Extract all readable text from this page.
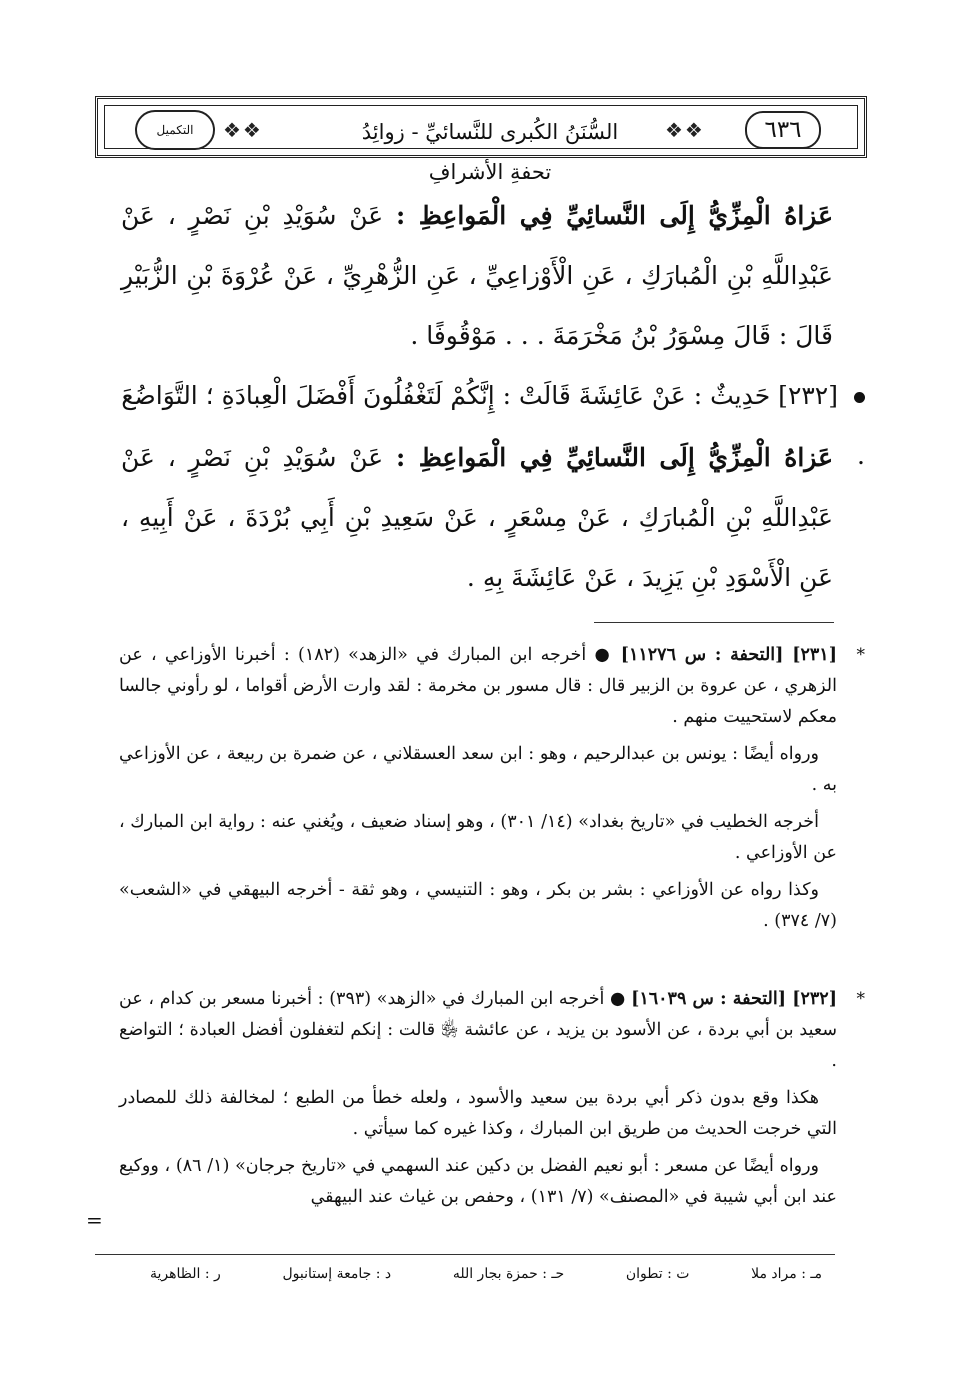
التكميل	❖❖	السُّنَنُ الكُبرى للنَّسائيِّ - زوائِدُ تحفةِ الأشرافِ
❖❖	٦٣٦
عَزاهُ الْمِزِّيُّ إِلَى النَّسائِيِّ فِي الْمَواعِظِ : عَنْ سُوَيْدِ بْنِ نَصْرٍ ، عَنْ عَبْدِاللَّهِ بْنِ الْمُبارَكِ ، عَنِ الْأَوْزاعِيِّ ، عَنِ الزُّهْرِيِّ ، عَنْ عُرْوَةَ بْنِ الزُّبَيْرِ قَالَ : قَالَ مِسْوَرُ بْنُ مَخْرَمَةَ . . . مَوْقُوفًا .
[٢٣٢] حَدِيثٌ : عَنْ عَائِشَةَ قَالَتْ : إِنَّكُمْ لَتَغْفُلُونَ أَفْضَلَ الْعِبادَةِ ؛ التَّوَاضُعَ .
عَزاهُ الْمِزِّيُّ إِلَى النَّسائِيِّ فِي الْمَواعِظِ : عَنْ سُوَيْدِ بْنِ نَصْرٍ ، عَنْ عَبْدِاللَّهِ بْنِ الْمُبارَكِ ، عَنْ مِسْعَرٍ ، عَنْ سَعِيدِ بْنِ أَبِي بُرْدَةَ ، عَنْ أَبِيهِ ، عَنِ الْأَسْوَدِ بْنِ يَزِيدَ ، عَنْ عَائِشَةَ بِهِ .
*

[٢٣١] [التحفة : س ١١٢٧٦] ● أخرجه ابن المبارك في «الزهد» (١٨٢) : أخبرنا الأوزاعي ، عن الزهري ، عن عروة بن الزبير قال : قال مسور بن مخرمة : لقد وارت الأرض أقواما ، لو رأوني جالسا معكم لاستحييت منهم .

ورواه أيضًا : يونس بن عبدالرحيم ، وهو : ابن سعد العسقلاني ، عن ضمرة بن ربيعة ، عن الأوزاعي به .

أخرجه الخطيب في «تاريخ بغداد» (١٤/ ٣٠١) ، وهو إسناد ضعيف ، ويُغني عنه : رواية ابن المبارك ، عن الأوزاعي .

وكذا رواه عن الأوزاعي : بشر بن بكر ، وهو : التنيسي ، وهو ثقة - أخرجه البيهقي في «الشعب» (٧/ ٣٧٤) .

*

[٢٣٢] [التحفة : س ١٦٠٣٩] ● أخرجه ابن المبارك في «الزهد» (٣٩٣) : أخبرنا مسعر بن كدام ، عن سعيد بن أبي بردة ، عن الأسود بن يزيد ، عن عائشة ﵂ قالت : إنكم لتغفلون أفضل العبادة ؛ التواضع .

هكذا وقع بدون ذكر أبي بردة بين سعيد والأسود ، ولعله خطأ من الطبع ؛ لمخالفة ذلك للمصادر التي خرجت الحديث من طريق ابن المبارك ، وكذا غيره كما سيأتي .

ورواه أيضًا عن مسعر : أبو نعيم الفضل بن دكين عند السهمي في «تاريخ جرجان» (١/ ٨٦) ، ووكيع عند ابن أبي شيبة في «المصنف» (٧/ ١٣١) ، وحفص بن غياث عند البيهقي

=
مـ : مراد ملا
ت : تطوان
حـ : حمزة بجار الله
د : جامعة إستانبول
ر : الظاهرية
